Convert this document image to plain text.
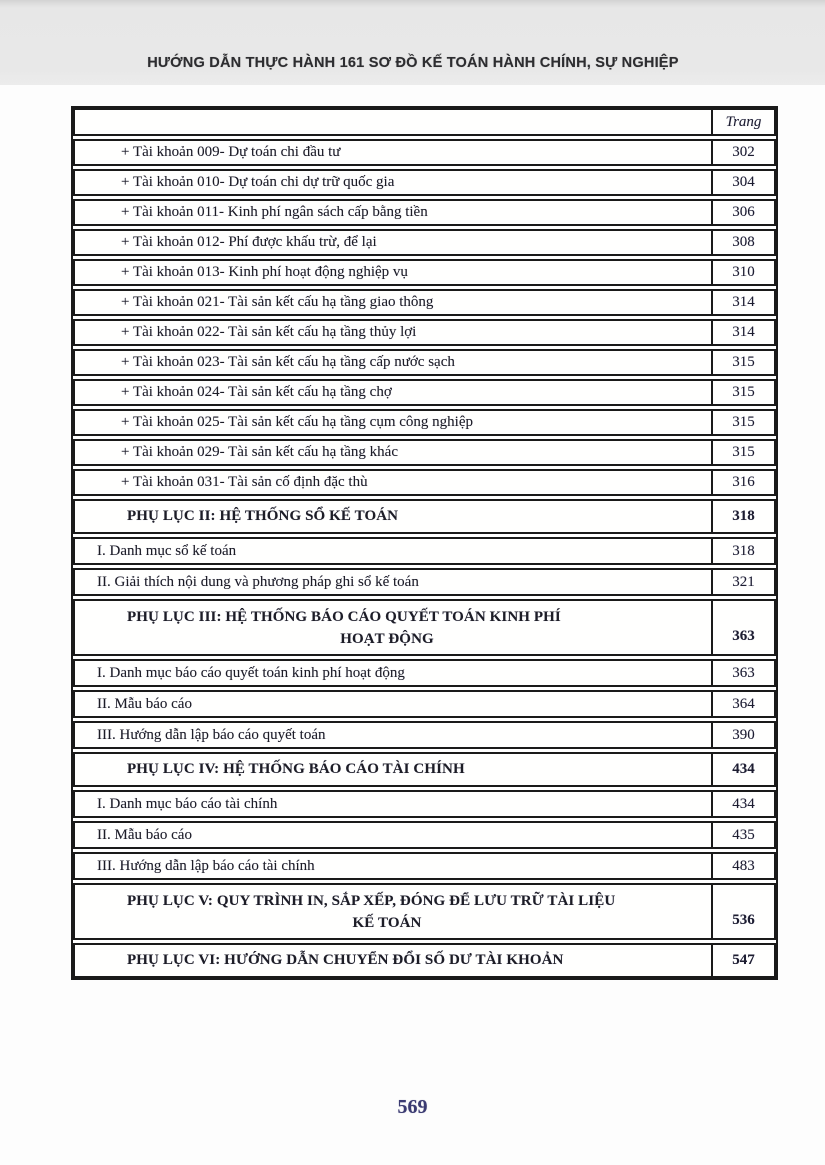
HƯỚNG DẪN THỰC HÀNH 161 SƠ ĐỒ KẾ TOÁN HÀNH CHÍNH, SỰ NGHIỆP
Trang
+ Tài khoản 009- Dự toán chi đầu tư	302
+ Tài khoản 010- Dự toán chi dự trữ quốc gia	304
+ Tài khoản 011- Kinh phí ngân sách cấp bằng tiền	306
+ Tài khoản 012- Phí được khấu trừ, để lại	308
+ Tài khoản 013- Kinh phí hoạt động nghiệp vụ	310
+ Tài khoản 021- Tài sản kết cấu hạ tầng giao thông	314
+ Tài khoản 022- Tài sản kết cấu hạ tầng thủy lợi	314
+ Tài khoản 023- Tài sản kết cấu hạ tầng cấp nước sạch	315
+ Tài khoản 024- Tài sản kết cấu hạ tầng chợ	315
+ Tài khoản 025- Tài sản kết cấu hạ tầng cụm công nghiệp	315
+ Tài khoản 029- Tài sản kết cấu hạ tầng khác	315
+ Tài khoản 031- Tài sản cố định đặc thù	316
PHỤ LỤC II: HỆ THỐNG SỔ KẾ TOÁN	318
I. Danh mục sổ kế toán	318
II. Giải thích nội dung và phương pháp ghi sổ kế toán	321
PHỤ LỤC III: HỆ THỐNG BÁO CÁO QUYẾT TOÁN KINH PHÍ
HOẠT ĐỘNG	363
I. Danh mục báo cáo quyết toán kinh phí hoạt động	363
II. Mẫu báo cáo	364
III. Hướng dẫn lập báo cáo quyết toán	390
PHỤ LỤC IV: HỆ THỐNG BÁO CÁO TÀI CHÍNH	434
I. Danh mục báo cáo tài chính	434
II. Mẫu báo cáo	435
III. Hướng dẫn lập báo cáo tài chính	483
PHỤ LỤC V: QUY TRÌNH IN, SẮP XẾP, ĐÓNG ĐỂ LƯU TRỮ TÀI LIỆU
KẾ TOÁN	536
PHỤ LỤC VI: HƯỚNG DẪN CHUYỂN ĐỔI SỐ DƯ TÀI KHOẢN	547
569
